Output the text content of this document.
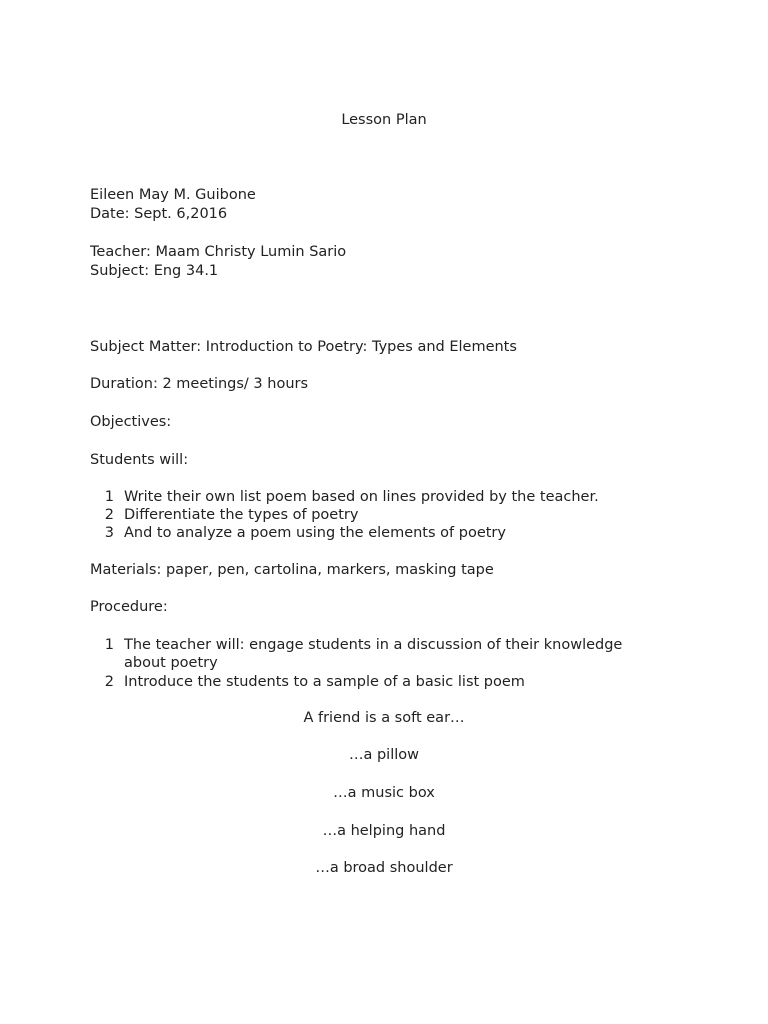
Lesson Plan
Eileen May M. Guibone
Date: Sept. 6,2016
Teacher: Maam Christy Lumin Sario
Subject: Eng 34.1
Subject Matter: Introduction to Poetry: Types and Elements
Duration: 2 meetings/ 3 hours
Objectives:
Students will:
1 Write their own list poem based on lines provided by the teacher.
2 Differentiate the types of poetry
3 And to analyze a poem using the elements of poetry
Materials: paper, pen, cartolina, markers, masking tape
Procedure:
1 The teacher will: engage students in a discussion of their knowledge about poetry
2 Introduce the students to a sample of a basic list poem
A friend is a soft ear…
…a pillow
…a music box
…a helping hand
…a broad shoulder
